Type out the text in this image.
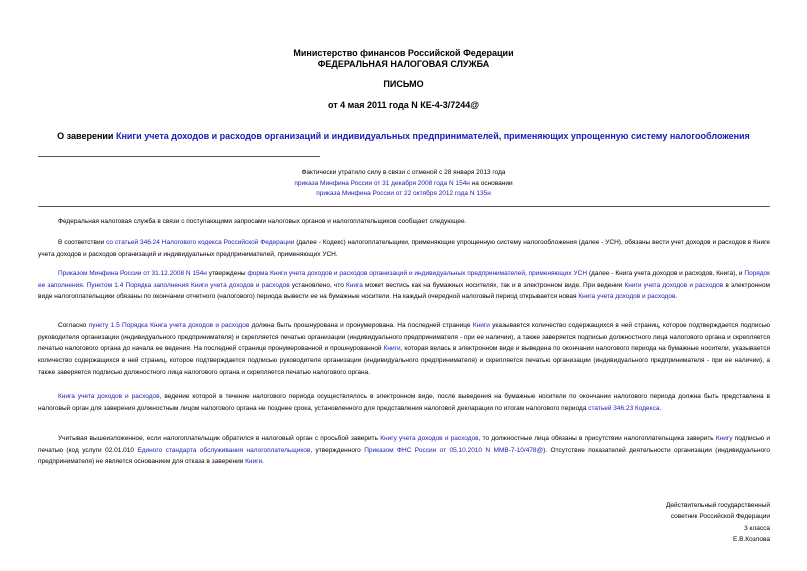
Министерство финансов Российской Федерации
ФЕДЕРАЛЬНАЯ НАЛОГОВАЯ СЛУЖБА
ПИСЬМО
от 4 мая 2011 года N КЕ-4-3/7244@
О заверении Книги учета доходов и расходов организаций и индивидуальных предпринимателей, применяющих упрощенную систему налогообложения
Фактически утратило силу в связи с отменой с 28 января 2013 года
приказа Минфина России от 31 декабря 2008 года N 154н на основании
приказа Минфина России от 22 октября 2012 года N 135н
Федеральная налоговая служба в связи с поступающими запросами налоговых органов и налогоплательщиков сообщает следующее.
В соответствии со статьей 346.24 Налогового кодекса Российской Федерации (далее - Кодекс) налогоплательщики, применяющие упрощенную систему налогообложения (далее - УСН), обязаны вести учет доходов и расходов в Книге учета доходов и расходов организаций и индивидуальных предпринимателей, применяющих УСН.
Приказом Минфина России от 31.12.2008 N 154н утверждены форма Книги учета доходов и расходов организаций и индивидуальных предпринимателей, применяющих УСН (далее - Книга учета доходов и расходов, Книга), и Порядок ее заполнения. Пунктом 1.4 Порядка заполнения Книги учета доходов и расходов установлено, что Книга может вестись как на бумажных носителях, так и в электронном виде. При ведении Книги учета доходов и расходов в электронном виде налогоплательщики обязаны по окончании отчетного (налогового) периода вывести ее на бумажные носители. На каждый очередной налоговый период открывается новая Книга учета доходов и расходов.
Согласно пункту 1.5 Порядка Книга учета доходов и расходов должна быть прошнурована и пронумерована. На последней странице Книги указывается количество содержащихся в ней страниц, которое подтверждается подписью руководителя организации (индивидуального предпринимателя) и скрепляется печатью организации (индивидуального предпринимателя - при ее наличии), а также заверяется подписью должностного лица налогового органа и скрепляется печатью налогового органа до начала ее ведения. На последней странице пронумерованной и прошнурованной Книги, которая велась в электронном виде и выведена по окончании налогового периода на бумажные носители, указывается количество содержащихся в ней страниц, которое подтверждается подписью руководителя организации (индивидуального предпринимателя) и скрепляется печатью организации (индивидуального предпринимателя - при ее наличии), а также заверяется подписью должностного лица налогового органа и скрепляется печатью налогового органа.
Книга учета доходов и расходов, ведение которой в течение налогового периода осуществлялось в электронном виде, после выведения на бумажные носители по окончании налогового периода должна быть представлена в налоговый орган для заверения должностным лицом налогового органа не позднее срока, установленного для представления налоговой декларации по итогам налогового периода статьей 346.23 Кодекса.
Учитывая вышеизложенное, если налогоплательщик обратился в налоговый орган с просьбой заверить Книгу учета доходов и расходов, то должностные лица обязаны в присутствии налогоплательщика заверить Книгу подписью и печатью (код услуги 02.01.010 Единого стандарта обслуживания налогоплательщиков, утвержденного Приказом ФНС России от 05.10.2010 N ММВ-7-10/478@). Отсутствие показателей деятельности организации (индивидуального предпринимателя) не является основанием для отказа в заверении Книги.
Действительный государственный
советник Российской Федерации
3 класса
Е.В.Козлова
